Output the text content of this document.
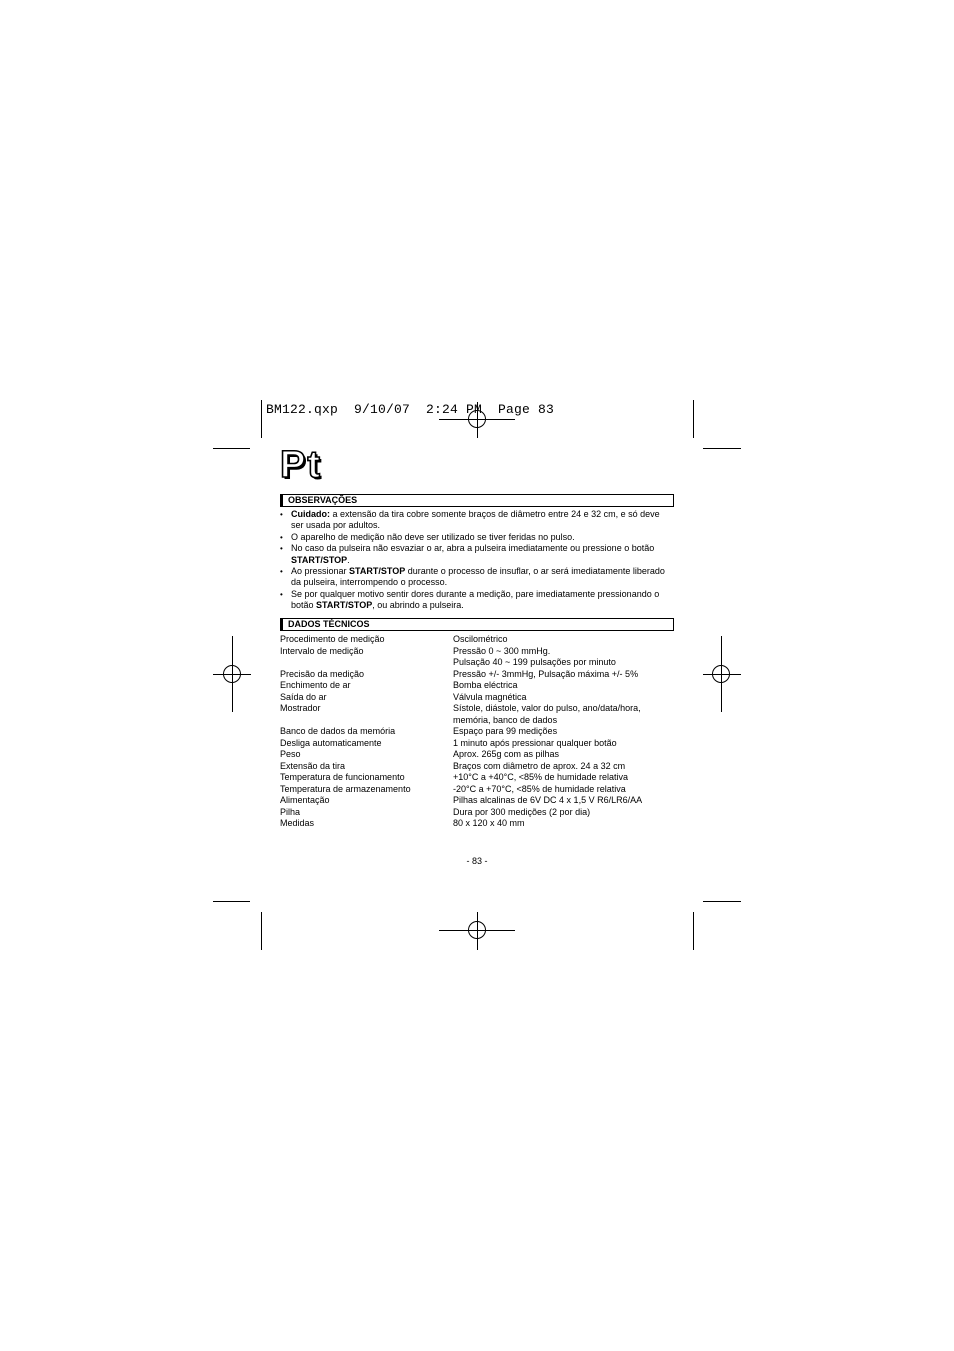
BM122.qxp  9/10/07  2:24 PM  Page 83
Pt
OBSERVAÇÕES
• Cuidado: a extensão da tira cobre somente braços de diâmetro entre 24 e 32 cm, e só deve ser usada por adultos.
• O aparelho de medição não deve ser utilizado se tiver feridas no pulso.
• No caso da pulseira não esvaziar o ar, abra a pulseira imediatamente ou pressione o botão START/STOP.
• Ao pressionar START/STOP durante o processo de insuflar, o ar será imediatamente liberado da pulseira, interrompendo o processo.
• Se por qualquer motivo sentir dores durante a medição, pare imediatamente pressionando o botão START/STOP, ou abrindo a pulseira.
DADOS TÉCNICOS
Procedimento de medição	Oscilométrico
Intervalo de medição	Pressão 0 ~ 300 mmHg.
Pulsação 40 ~ 199 pulsações por minuto
Precisão da medição	Pressão +/- 3mmHg, Pulsação máxima +/- 5%
Enchimento de ar	Bomba eléctrica
Saída do ar	Válvula magnética
Mostrador	Sístole, diástole, valor do pulso, ano/data/hora,
memória, banco de dados
Banco de dados da memória	Espaço para 99 medições
Desliga automaticamente	1 minuto após pressionar qualquer botão
Peso	Aprox. 265g com as pilhas
Extensão da tira	Braços com diâmetro de aprox. 24 a 32 cm
Temperatura de funcionamento	+10°C a +40°C, <85% de humidade relativa
Temperatura de armazenamento	-20°C a +70°C, <85% de humidade relativa
Alimentação	Pilhas alcalinas de 6V DC 4 x 1,5 V R6/LR6/AA
Pilha	Dura por 300 medições (2 por dia)
Medidas	80 x 120 x 40 mm
- 83 -
